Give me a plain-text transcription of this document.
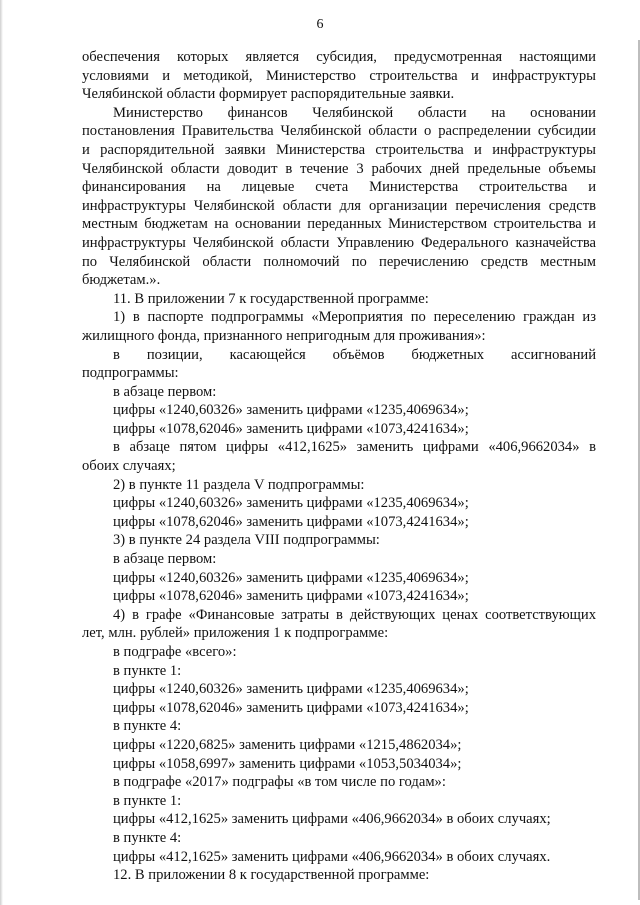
6
обеспечения которых является субсидия, предусмотренная настоящими
условиями и методикой, Министерство строительства и инфраструктуры
Челябинской области формирует распорядительные заявки.
Министерство финансов Челябинской области на основании
постановления Правительства Челябинской области о распределении субсидии
и распорядительной заявки Министерства строительства и инфраструктуры
Челябинской области доводит в течение 3 рабочих дней предельные объемы
финансирования на лицевые счета Министерства строительства и
инфраструктуры Челябинской области для организации перечисления средств
местным бюджетам на основании переданных Министерством строительства и
инфраструктуры Челябинской области Управлению Федерального казначейства
по Челябинской области полномочий по перечислению средств местным
бюджетам.».
11. В приложении 7 к государственной программе:
1) в паспорте подпрограммы «Мероприятия по переселению граждан из
жилищного фонда, признанного непригодным для проживания»:
в позиции, касающейся объёмов бюджетных ассигнований
подпрограммы:
в абзаце первом:
цифры «1240,60326» заменить цифрами «1235,4069634»;
цифры «1078,62046» заменить цифрами «1073,4241634»;
в абзаце пятом цифры «412,1625» заменить цифрами «406,9662034» в
обоих случаях;
2) в пункте 11 раздела V подпрограммы:
цифры «1240,60326» заменить цифрами «1235,4069634»;
цифры «1078,62046» заменить цифрами «1073,4241634»;
3) в пункте 24 раздела VIII подпрограммы:
в абзаце первом:
цифры «1240,60326» заменить цифрами «1235,4069634»;
цифры «1078,62046» заменить цифрами «1073,4241634»;
4) в графе «Финансовые затраты в действующих ценах соответствующих
лет, млн. рублей» приложения 1 к подпрограмме:
в подграфе «всего»:
в пункте 1:
цифры «1240,60326» заменить цифрами «1235,4069634»;
цифры «1078,62046» заменить цифрами «1073,4241634»;
в пункте 4:
цифры «1220,6825» заменить цифрами «1215,4862034»;
цифры «1058,6997» заменить цифрами «1053,5034034»;
в подграфе «2017» подграфы «в том числе по годам»:
в пункте 1:
цифры «412,1625» заменить цифрами «406,9662034» в обоих случаях;
в пункте 4:
цифры «412,1625» заменить цифрами «406,9662034» в обоих случаях.
12. В приложении 8 к государственной программе:
